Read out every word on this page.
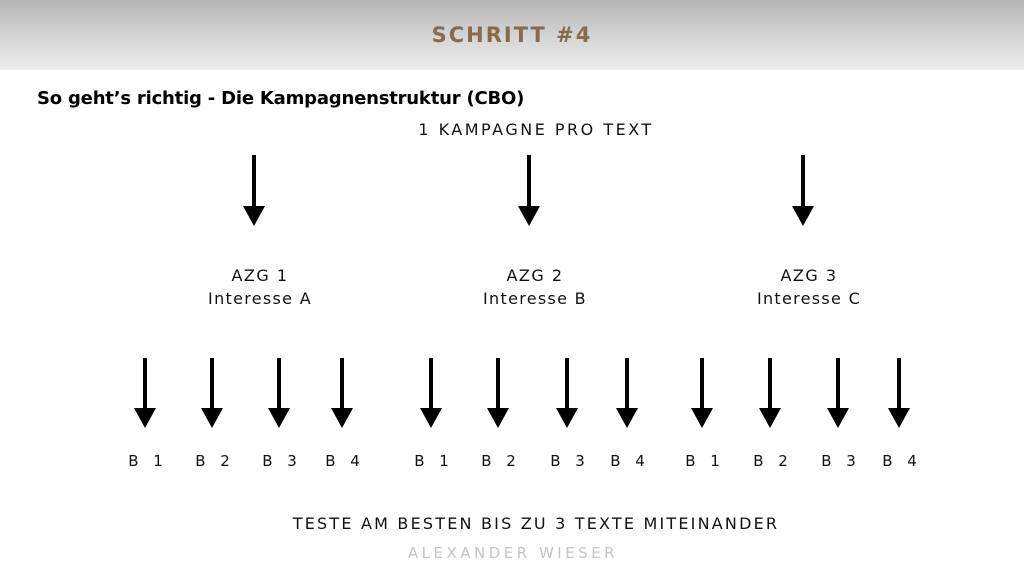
SCHRITT #4
So geht’s richtig - Die Kampagnenstruktur (CBO)
1 KAMPAGNE PRO TEXT
AZG 1
Interesse A
B 1	B 2	B 3	B 4
AZG 2
Interesse B
B 1	B 2	B 3	B 4
AZG 3
Interesse C
B 1	B 2	B 3	B 4
TESTE AM BESTEN BIS ZU 3 TEXTE MITEINANDER
ALEXANDER WIESER
